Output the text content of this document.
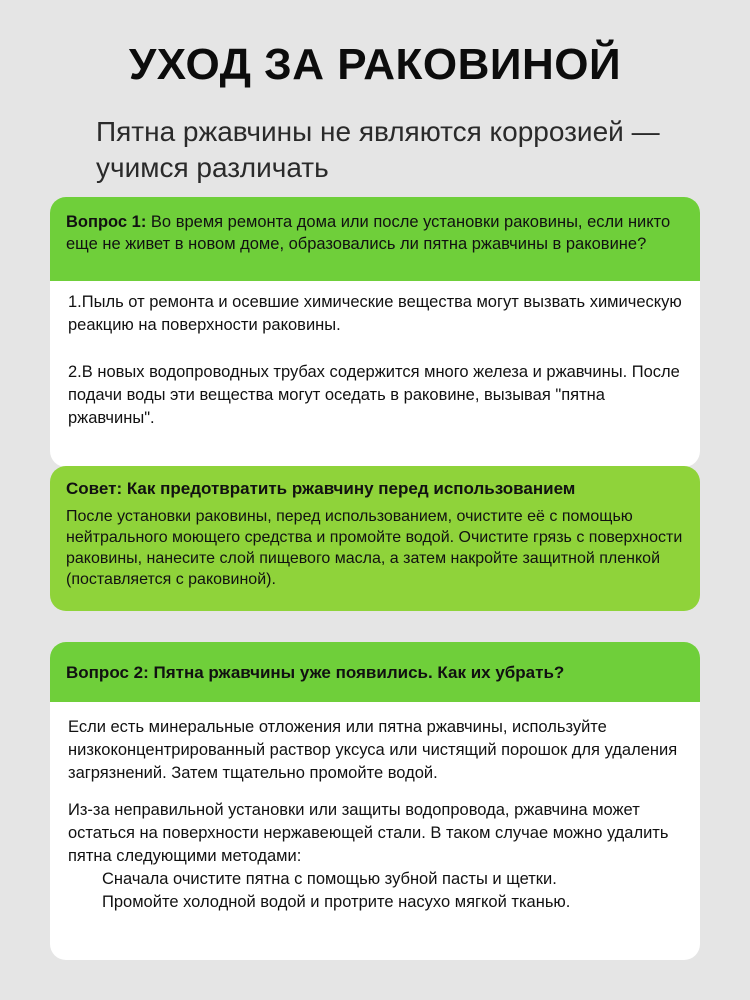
УХОД ЗА РАКОВИНОЙ
Пятна ржавчины не являются коррозией — учимся различать
Вопрос 1: Во время ремонта дома или после установки раковины, если никто еще не живет в новом доме, образовались ли пятна ржавчины в раковине?

1.Пыль от ремонта и осевшие химические вещества могут вызвать химическую реакцию на поверхности раковины.

2.В новых водопроводных трубах содержится много железа и ржавчины. После подачи воды эти вещества могут оседать в раковине, вызывая "пятна ржавчины".

Совет: Как предотвратить ржавчину перед использованием
После установки раковины, перед использованием, очистите её с помощью нейтрального моющего средства и промойте водой. Очистите грязь с поверхности раковины, нанесите слой пищевого масла, а затем накройте защитной пленкой (поставляется с раковиной).
Вопрос 2: Пятна ржавчины уже появились. Как их убрать?

Если есть минеральные отложения или пятна ржавчины, используйте низкоконцентрированный раствор уксуса или чистящий порошок для удаления загрязнений. Затем тщательно промойте водой.

Из-за неправильной установки или защиты водопровода, ржавчина может остаться на поверхности нержавеющей стали. В таком случае можно удалить пятна следующими методами:

Сначала очистите пятна с помощью зубной пасты и щетки.

Промойте холодной водой и протрите насухо мягкой тканью.
